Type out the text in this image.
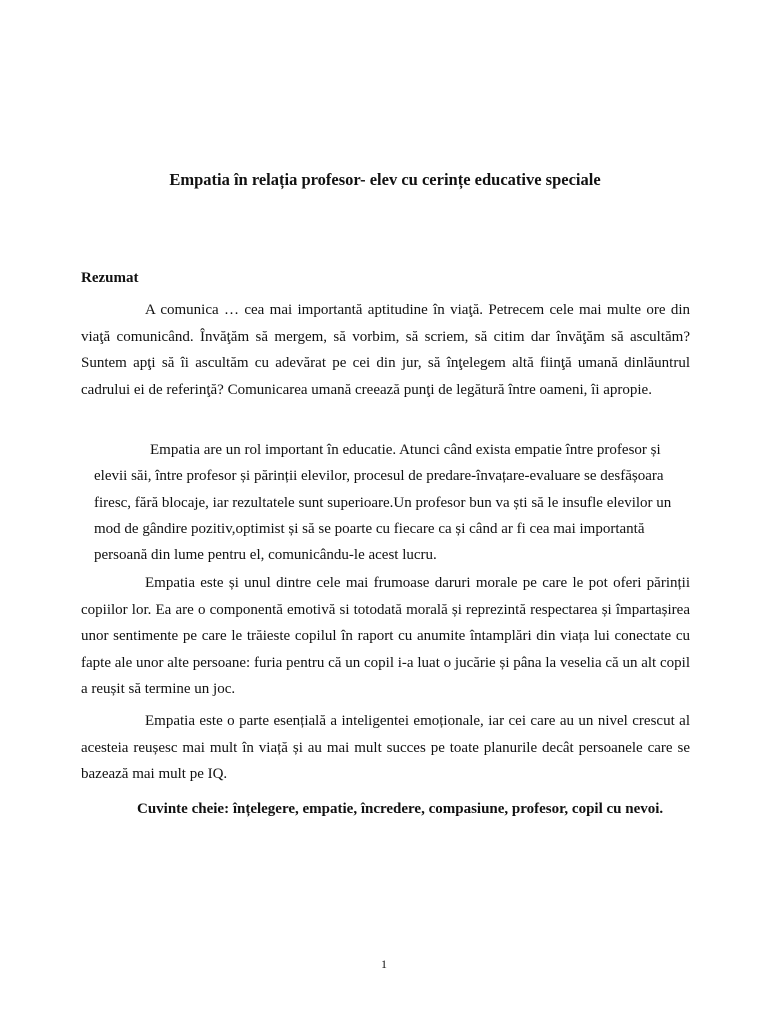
Empatia în relația profesor- elev cu cerințe educative speciale
Rezumat

A comunica … cea mai importantă aptitudine în viaţă. Petrecem cele mai multe ore din viaţă comunicând. Învăţăm să mergem, să vorbim, să scriem, să citim dar învăţăm să ascultăm? Suntem apţi să îi ascultăm cu adevărat pe cei din jur, să înţelegem altă fiinţă umană dinlăuntrul cadrului ei de referinţă? Comunicarea umană creează punţi de legătură între oameni, îi apropie.

Empatia are un rol important în educatie. Atunci când exista empatie între profesor și elevii săi, între profesor și părinții elevilor, procesul de predare-învațare-evaluare se desfășoara firesc, fără blocaje, iar rezultatele sunt superioare.Un profesor bun va ști să le insufle elevilor un mod de gândire pozitiv,optimist și să se poarte cu fiecare ca și când ar fi cea mai importantă persoană din lume pentru el, comunicându-le acest lucru.

Empatia este și unul dintre cele mai frumoase daruri morale pe care le pot oferi părinții copiilor lor. Ea are o componentă emotivă si totodată morală și reprezintă respectarea și împartașirea unor sentimente pe care le trăieste copilul în raport cu anumite întamplări din viața lui conectate cu fapte ale unor alte persoane: furia pentru că un copil i-a luat o jucărie și pâna la veselia că un alt copil a reușit să termine un joc.

Empatia este o parte esențială a inteligentei emoționale, iar cei care au un nivel crescut al acesteia reușesc mai mult în viață și au mai mult succes pe toate planurile decât persoanele care se bazează mai mult pe IQ.

Cuvinte cheie: înțelegere, empatie, încredere, compasiune, profesor, copil cu nevoi.

1
